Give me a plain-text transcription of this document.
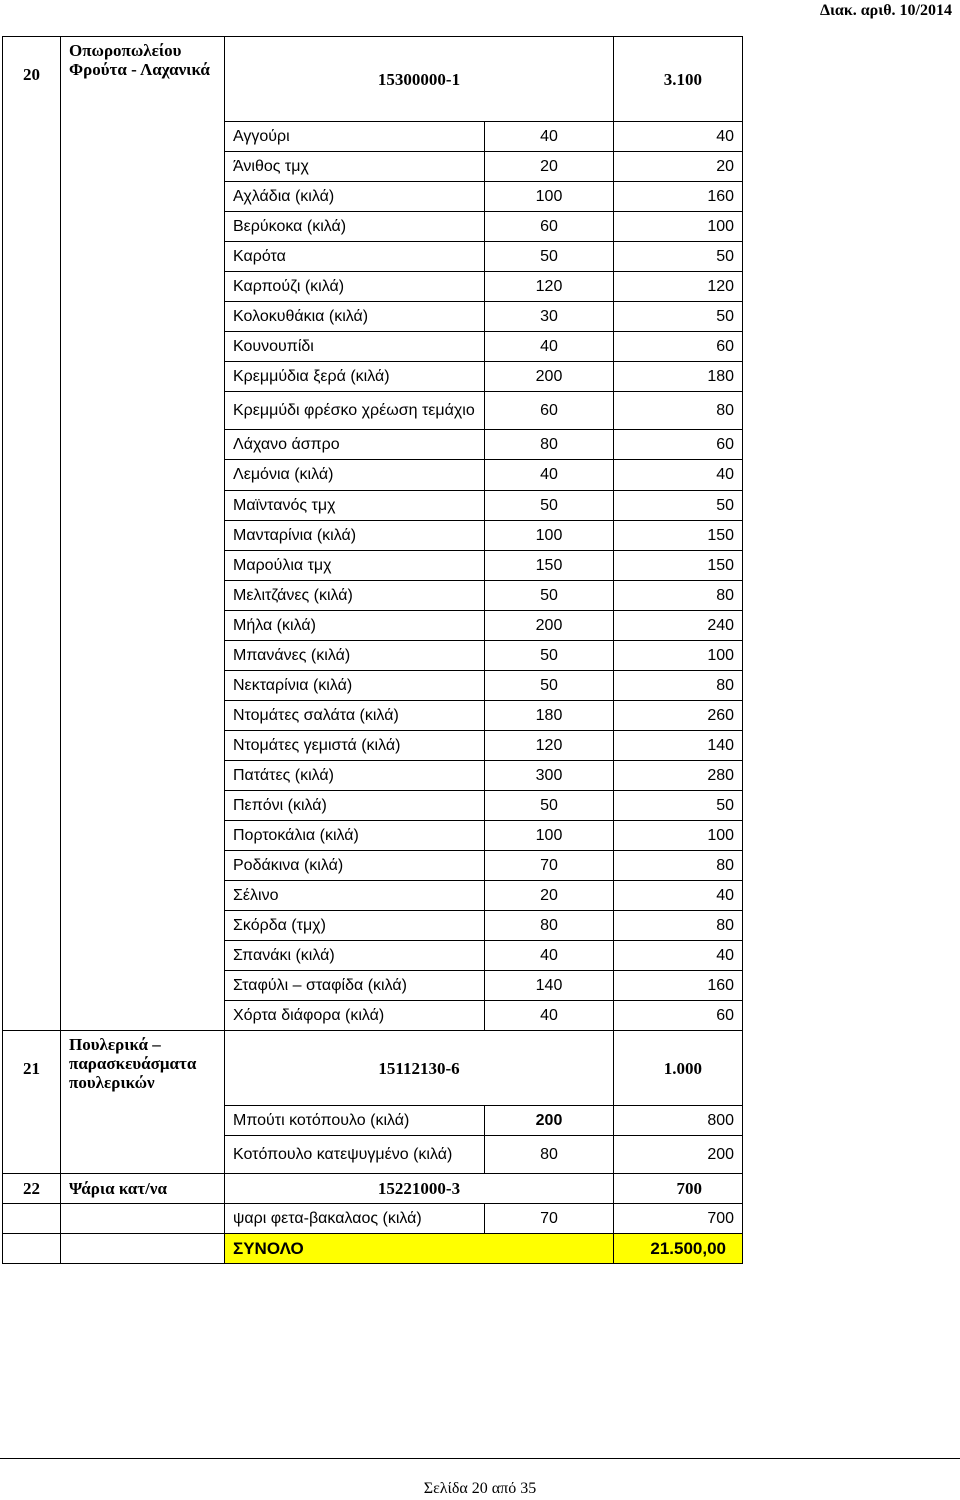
Διακ. αριθ. 10/2014
20	Οπωροπωλείου Φρούτα - Λαχανικά	15300000-1		3.100
		Αγγούρι	40	40
		Άνιθος τμχ	20	20
		Αχλάδια (κιλά)	100	160
		Βερύκοκα (κιλά)	60	100
		Καρότα	50	50
		Καρπούζι (κιλά)	120	120
		Κολοκυθάκια (κιλά)	30	50
		Κουνουπίδι	40	60
		Κρεμμύδια ξερά (κιλά)	200	180
		Κρεμμύδι φρέσκο χρέωση τεμάχιο	60	80
		Λάχανο άσπρο	80	60
		Λεμόνια (κιλά)	40	40
		Μαϊντανός τμχ	50	50
		Μανταρίνια (κιλά)	100	150
		Μαρούλια τμχ	150	150
		Μελιτζάνες (κιλά)	50	80
		Μήλα (κιλά)	200	240
		Μπανάνες (κιλά)	50	100
		Νεκταρίνια (κιλά)	50	80
		Ντομάτες σαλάτα (κιλά)	180	260
		Ντομάτες γεμιστά (κιλά)	120	140
		Πατάτες (κιλά)	300	280
		Πεπόνι (κιλά)	50	50
		Πορτοκάλια (κιλά)	100	100
		Ροδάκινα (κιλά)	70	80
		Σέλινο	20	40
		Σκόρδα (τμχ)	80	80
		Σπανάκι (κιλά)	40	40
		Σταφύλι – σταφίδα (κιλά)	140	160
		Χόρτα διάφορα (κιλά)	40	60
21	Πουλερικά – παρασκευάσματα πουλερικών	15112130-6		1.000
		Μπούτι κοτόπουλο (κιλά)	200	800
		Κοτόπουλο κατεψυγμένο (κιλά)	80	200
22	Ψάρια κατ/να	15221000-3		700
		ψαρι φετα-βακαλαος (κιλά)	70	700
		ΣΥΝΟΛΟ		21.500,00
Σελίδα 20 από 35
